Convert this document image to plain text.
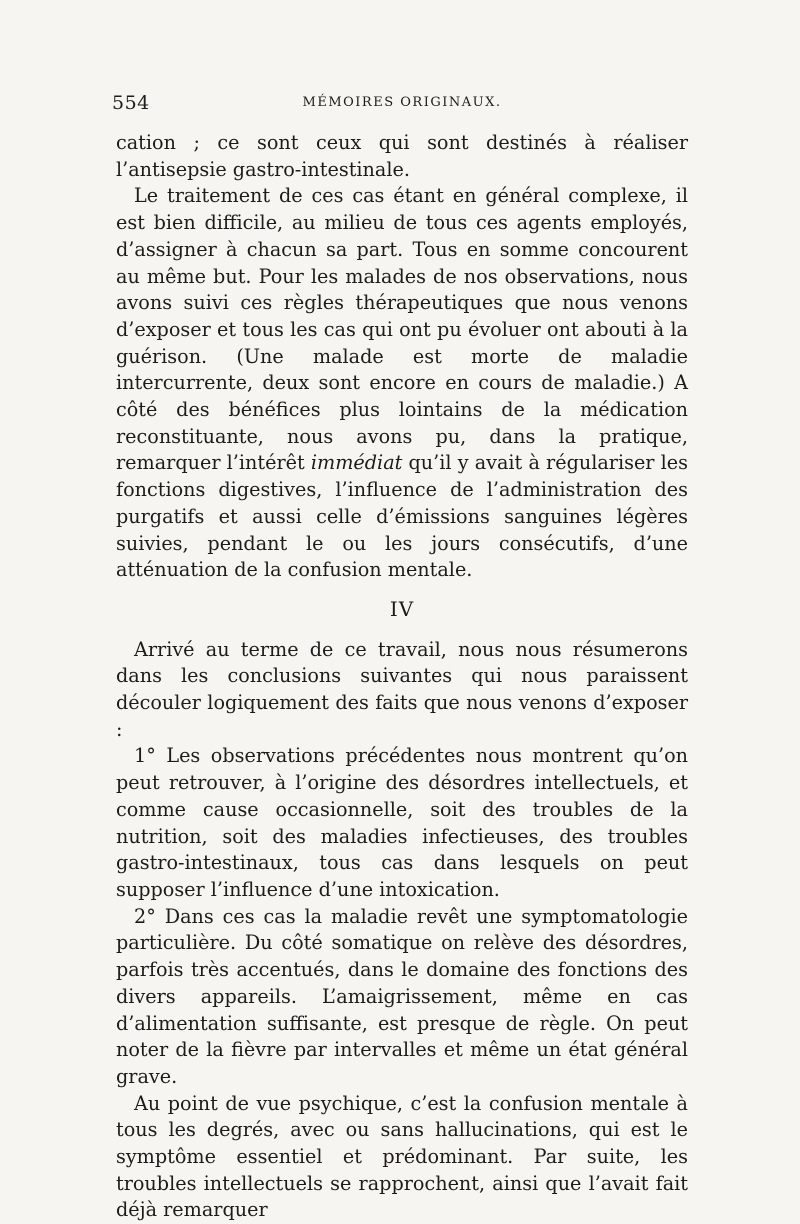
554	MÉMOIRES ORIGINAUX.

cation ; ce sont ceux qui sont destinés à réaliser l’antisepsie gastro-intestinale.

Le traitement de ces cas étant en général complexe, il est bien difficile, au milieu de tous ces agents employés, d’assigner à chacun sa part. Tous en somme concourent au même but. Pour les malades de nos observations, nous avons suivi ces règles thérapeutiques que nous venons d’exposer et tous les cas qui ont pu évoluer ont abouti à la guérison. (Une malade est morte de maladie intercurrente, deux sont encore en cours de maladie.) A côté des bénéfices plus lointains de la médication reconstituante, nous avons pu, dans la pratique, remarquer l’intérêt immédiat qu’il y avait à régulariser les fonctions digestives, l’influence de l’administration des purgatifs et aussi celle d’émissions sanguines légères suivies, pendant le ou les jours consécutifs, d’une atténuation de la confusion mentale.

IV

Arrivé au terme de ce travail, nous nous résumerons dans les conclusions suivantes qui nous paraissent découler logiquement des faits que nous venons d’exposer :

1° Les observations précédentes nous montrent qu’on peut retrouver, à l’origine des désordres intellectuels, et comme cause occasionnelle, soit des troubles de la nutrition, soit des maladies infectieuses, des troubles gastro-intestinaux, tous cas dans lesquels on peut supposer l’influence d’une intoxication.

2° Dans ces cas la maladie revêt une symptomatologie particulière. Du côté somatique on relève des désordres, parfois très accentués, dans le domaine des fonctions des divers appareils. L’amaigrissement, même en cas d’alimentation suffisante, est presque de règle. On peut noter de la fièvre par intervalles et même un état général grave.

Au point de vue psychique, c’est la confusion mentale à tous les degrés, avec ou sans hallucinations, qui est le symptôme essentiel et prédominant. Par suite, les troubles intellectuels se rapprochent, ainsi que l’avait fait déjà remarquer
